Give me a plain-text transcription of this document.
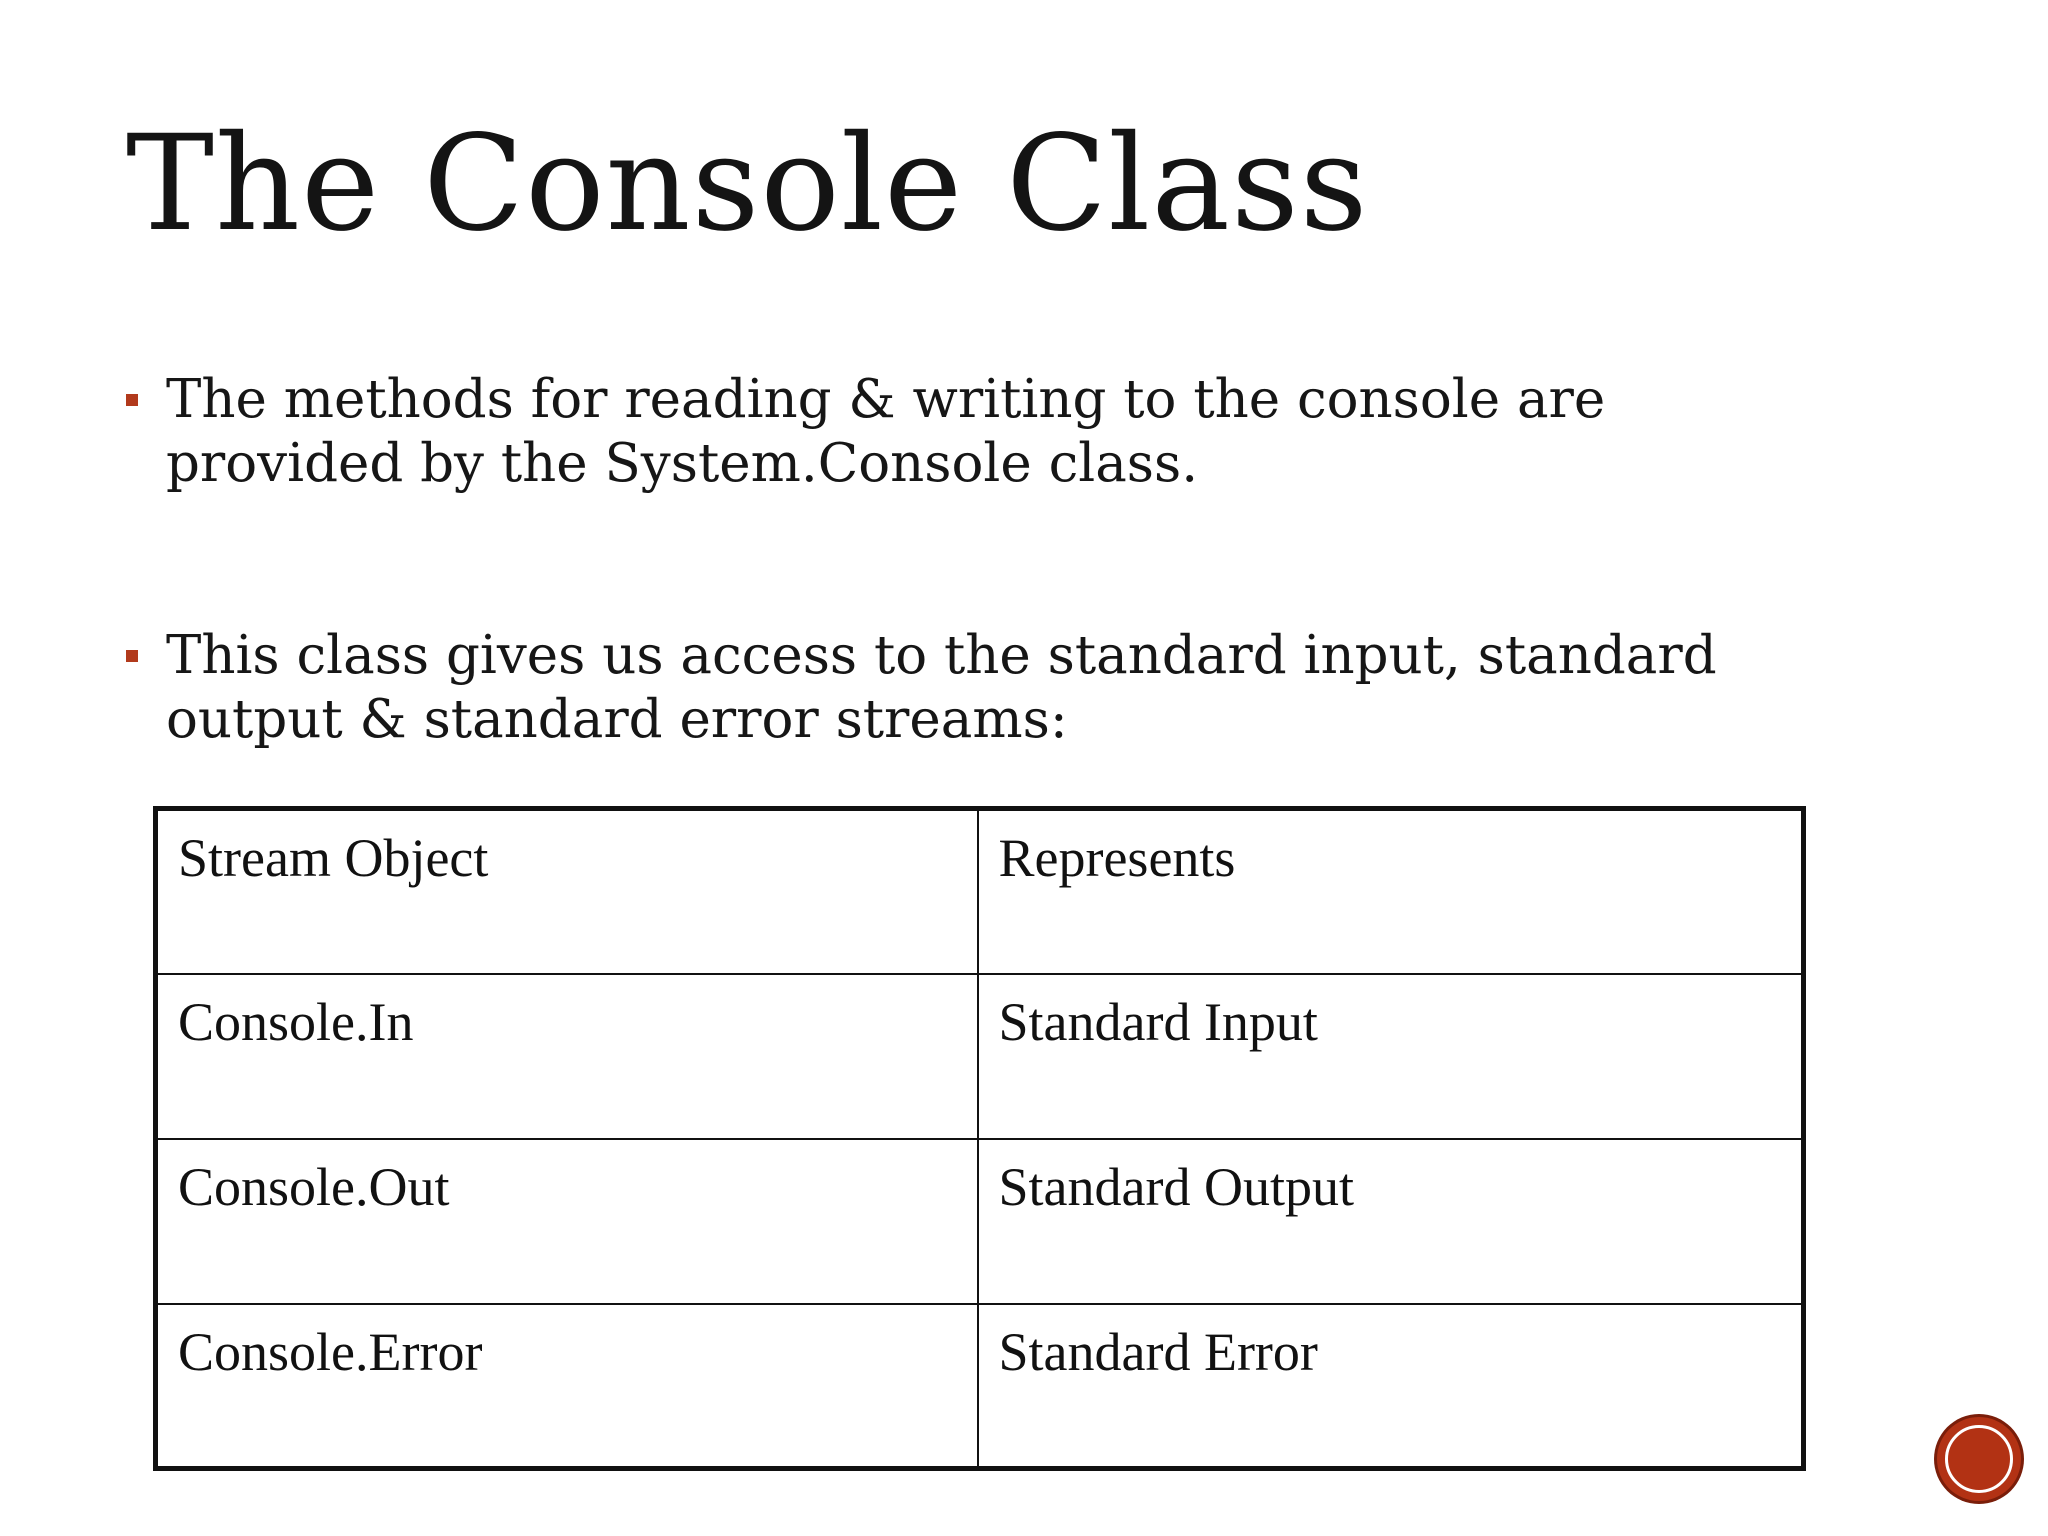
The Console Class
The methods for reading & writing to the console are provided by the System.Console class.
This class gives us access to the standard input, standard output & standard error streams:
Stream Object	Represents
Console.In	Standard Input
Console.Out	Standard Output
Console.Error	Standard Error
